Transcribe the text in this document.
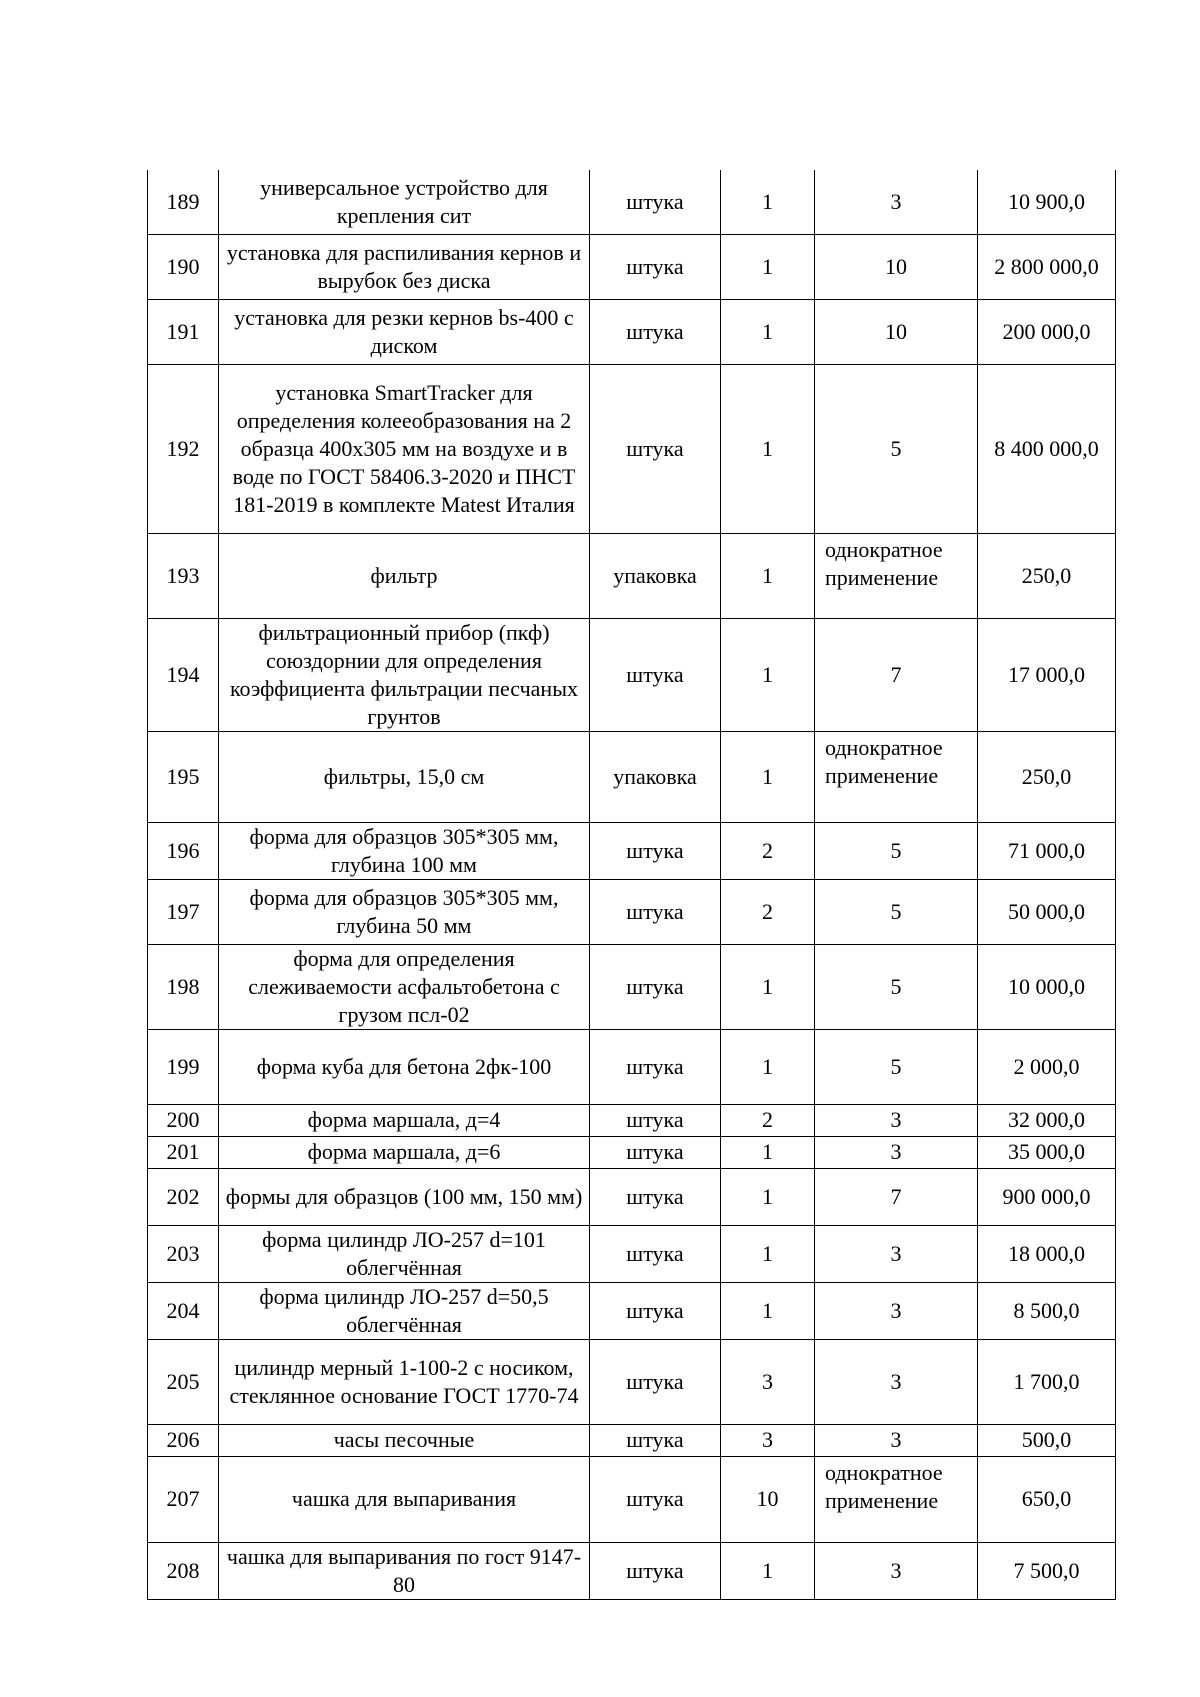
189	универсальное устройство для крепления сит	штука	1	3	10 900,0
190	установка для распиливания кернов и вырубок без диска	штука	1	10	2 800 000,0
191	установка для резки кернов bs-400 с диском	штука	1	10	200 000,0
192	установка SmartTracker для определения колееобразования на 2 образца 400х305 мм на воздухе и в воде по ГОСТ 58406.3-2020 и ПНСТ 181-2019 в комплекте Matest Италия	штука	1	5	8 400 000,0
193	фильтр	упаковка	1	однократное применение	250,0
194	фильтрационный прибор (пкф) союздорнии для определения коэффициента фильтрации песчаных грунтов	штука	1	7	17 000,0
195	фильтры, 15,0 см	упаковка	1	однократное применение	250,0
196	форма для образцов 305*305 мм, глубина 100 мм	штука	2	5	71 000,0
197	форма для образцов 305*305 мм, глубина 50 мм	штука	2	5	50 000,0
198	форма для определения слеживаемости асфальтобетона с грузом псл-02	штука	1	5	10 000,0
199	форма куба для бетона 2фк-100	штука	1	5	2 000,0
200	форма маршала, д=4	штука	2	3	32 000,0
201	форма маршала, д=6	штука	1	3	35 000,0
202	формы для образцов (100 мм, 150 мм)	штука	1	7	900 000,0
203	форма цилиндр ЛО-257 d=101 облегчённая	штука	1	3	18 000,0
204	форма цилиндр ЛО-257 d=50,5 облегчённая	штука	1	3	8 500,0
205	цилиндр мерный 1-100-2 с носиком, стеклянное основание ГОСТ 1770-74	штука	3	3	1 700,0
206	часы песочные	штука	3	3	500,0
207	чашка для выпаривания	штука	10	однократное применение	650,0
208	чашка для выпаривания по гост 9147-80	штука	1	3	7 500,0
